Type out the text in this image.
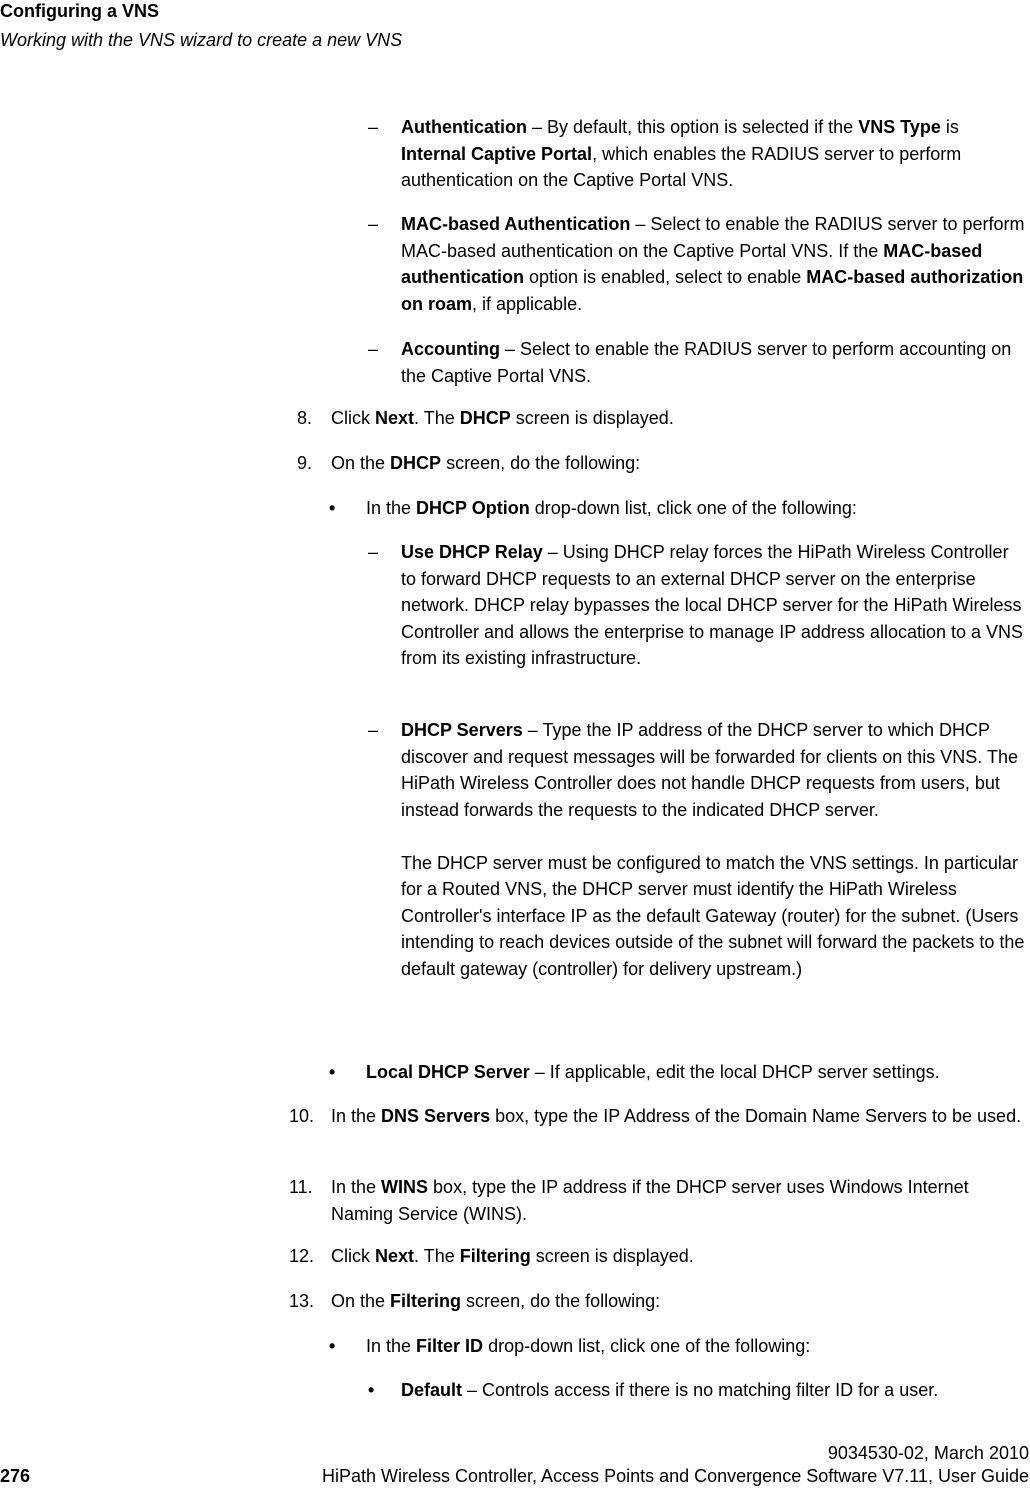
Configuring a VNS
Working with the VNS wizard to create a new VNS
– Authentication – By default, this option is selected if the VNS Type is Internal Captive Portal, which enables the RADIUS server to perform authentication on the Captive Portal VNS.
– MAC-based Authentication – Select to enable the RADIUS server to perform MAC-based authentication on the Captive Portal VNS. If the MAC-based authentication option is enabled, select to enable MAC-based authorization on roam, if applicable.
– Accounting – Select to enable the RADIUS server to perform accounting on the Captive Portal VNS.
8. Click Next. The DHCP screen is displayed.
9. On the DHCP screen, do the following:
• In the DHCP Option drop-down list, click one of the following:
– Use DHCP Relay – Using DHCP relay forces the HiPath Wireless Controller to forward DHCP requests to an external DHCP server on the enterprise network. DHCP relay bypasses the local DHCP server for the HiPath Wireless Controller and allows the enterprise to manage IP address allocation to a VNS from its existing infrastructure.
– DHCP Servers – Type the IP address of the DHCP server to which DHCP discover and request messages will be forwarded for clients on this VNS. The HiPath Wireless Controller does not handle DHCP requests from users, but instead forwards the requests to the indicated DHCP server.

The DHCP server must be configured to match the VNS settings. In particular for a Routed VNS, the DHCP server must identify the HiPath Wireless Controller's interface IP as the default Gateway (router) for the subnet. (Users intending to reach devices outside of the subnet will forward the packets to the default gateway (controller) for delivery upstream.)

• Local DHCP Server – If applicable, edit the local DHCP server settings.
10. In the DNS Servers box, type the IP Address of the Domain Name Servers to be used.
11. In the WINS box, type the IP address if the DHCP server uses Windows Internet Naming Service (WINS).
12. Click Next. The Filtering screen is displayed.
13. On the Filtering screen, do the following:
• In the Filter ID drop-down list, click one of the following:
• Default – Controls access if there is no matching filter ID for a user.
9034530-02, March 2010
276	HiPath Wireless Controller, Access Points and Convergence Software V7.11, User Guide
